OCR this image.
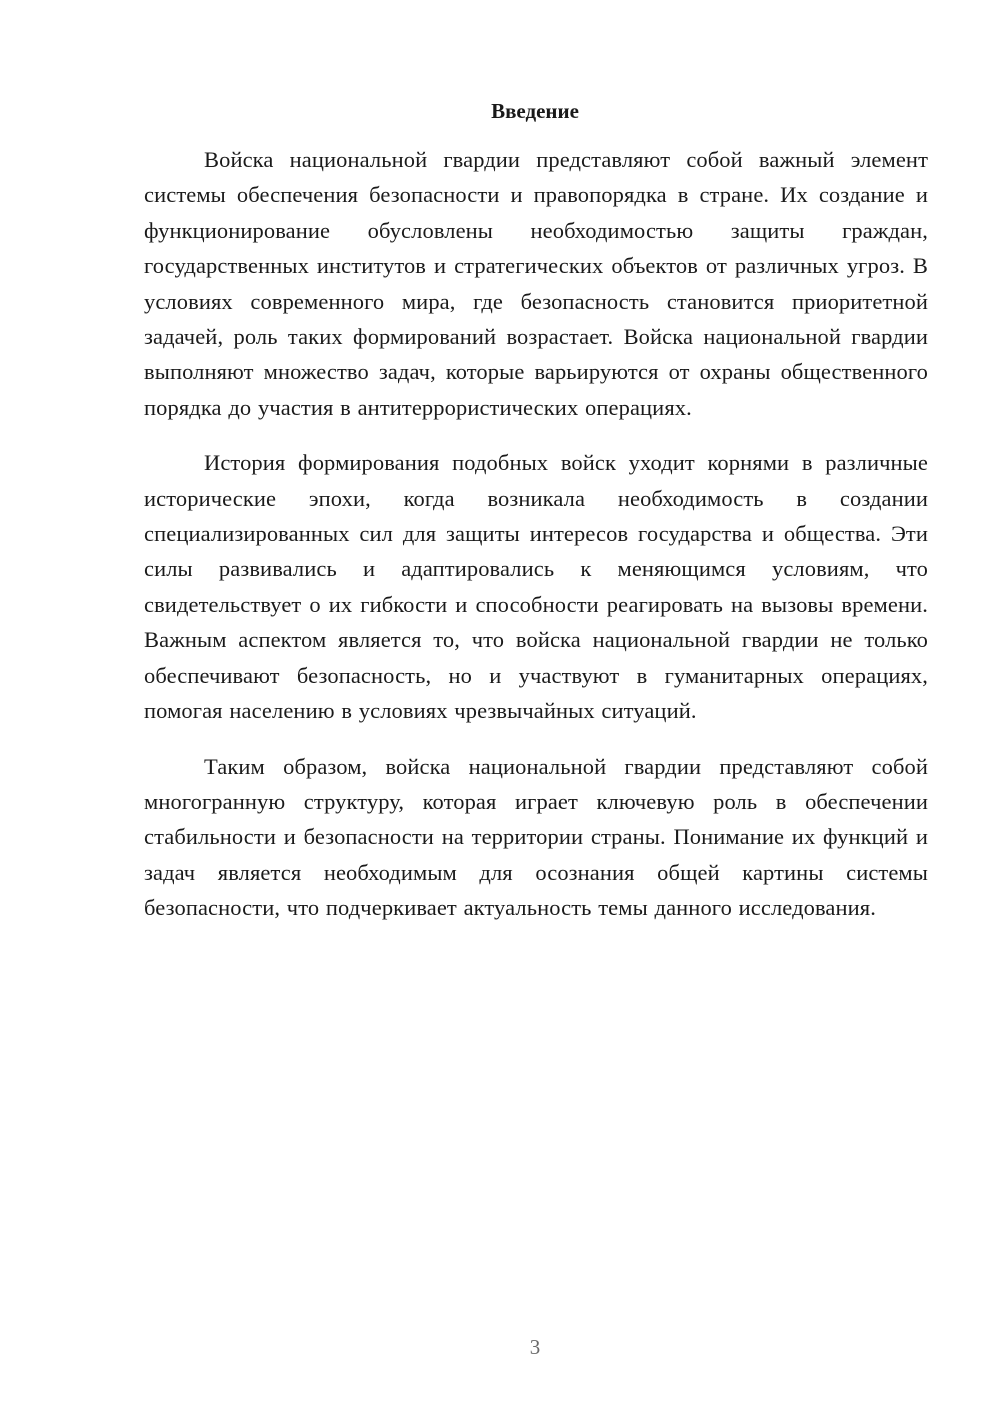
Введение

Войска национальной гвардии представляют собой важный элемент системы обеспечения безопасности и правопорядка в стране. Их создание и функционирование обусловлены необходимостью защиты граждан, государственных институтов и стратегических объектов от различных угроз. В условиях современного мира, где безопасность становится приоритетной задачей, роль таких формирований возрастает. Войска национальной гвардии выполняют множество задач, которые варьируются от охраны общественного порядка до участия в антитеррористических операциях.

История формирования подобных войск уходит корнями в различные исторические эпохи, когда возникала необходимость в создании специализированных сил для защиты интересов государства и общества. Эти силы развивались и адаптировались к меняющимся условиям, что свидетельствует о их гибкости и способности реагировать на вызовы времени. Важным аспектом является то, что войска национальной гвардии не только обеспечивают безопасность, но и участвуют в гуманитарных операциях, помогая населению в условиях чрезвычайных ситуаций.

Таким образом, войска национальной гвардии представляют собой многогранную структуру, которая играет ключевую роль в обеспечении стабильности и безопасности на территории страны. Понимание их функций и задач является необходимым для осознания общей картины системы безопасности, что подчеркивает актуальность темы данного исследования.

3
